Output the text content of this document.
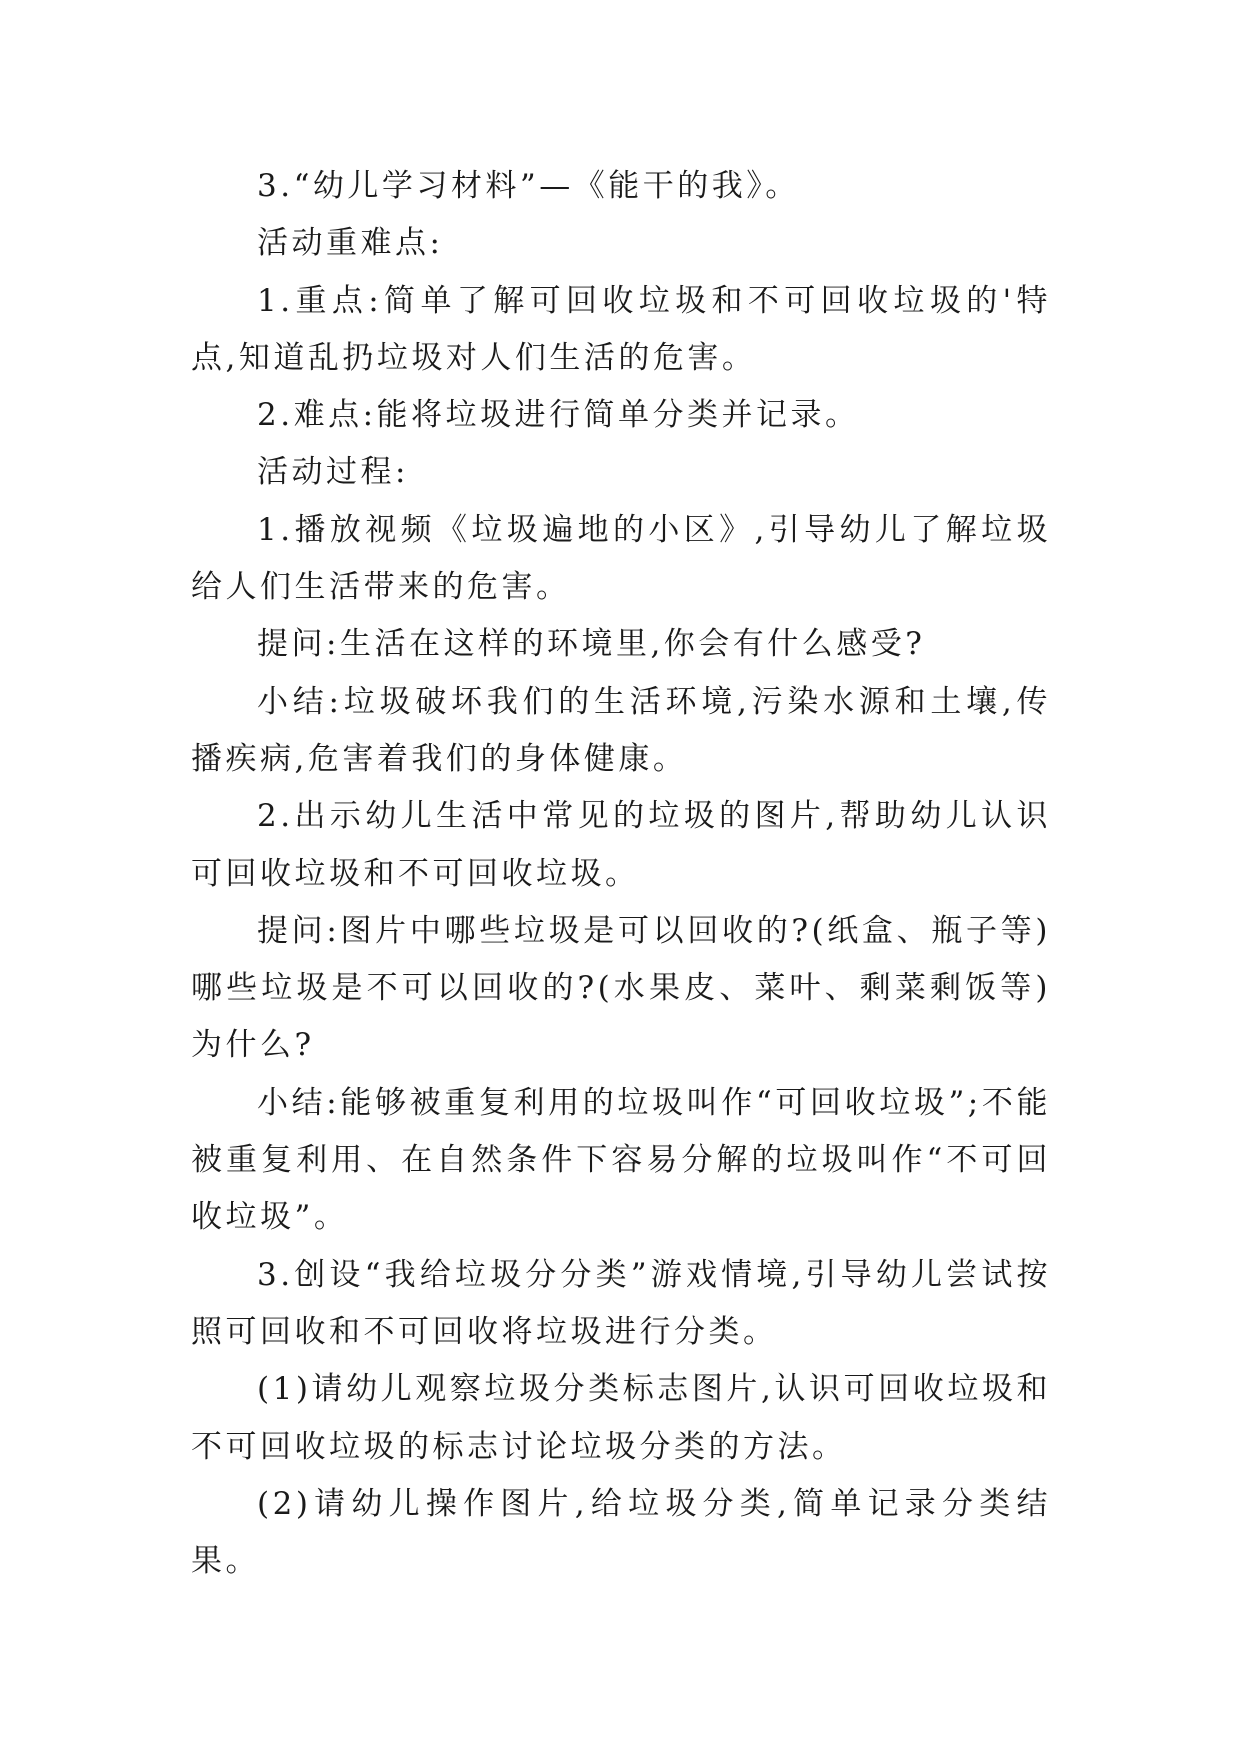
3.“幼儿学习材料”—《能干的我》。

活动重难点:

1.重点:简单了解可回收垃圾和不可回收垃圾的'特点,知道乱扔垃圾对人们生活的危害。

2.难点:能将垃圾进行简单分类并记录。

活动过程:

1.播放视频《垃圾遍地的小区》,引导幼儿了解垃圾给人们生活带来的危害。

提问:生活在这样的环境里,你会有什么感受?

小结:垃圾破坏我们的生活环境,污染水源和土壤,传播疾病,危害着我们的身体健康。

2.出示幼儿生活中常见的垃圾的图片,帮助幼儿认识可回收垃圾和不可回收垃圾。

提问:图片中哪些垃圾是可以回收的?(纸盒、瓶子等)哪些垃圾是不可以回收的?(水果皮、菜叶、剩菜剩饭等)为什么?

小结:能够被重复利用的垃圾叫作“可回收垃圾”;不能被重复利用、在自然条件下容易分解的垃圾叫作“不可回收垃圾”。

3.创设“我给垃圾分分类”游戏情境,引导幼儿尝试按照可回收和不可回收将垃圾进行分类。

(1)请幼儿观察垃圾分类标志图片,认识可回收垃圾和不可回收垃圾的标志讨论垃圾分类的方法。

(2)请幼儿操作图片,给垃圾分类,简单记录分类结果。
